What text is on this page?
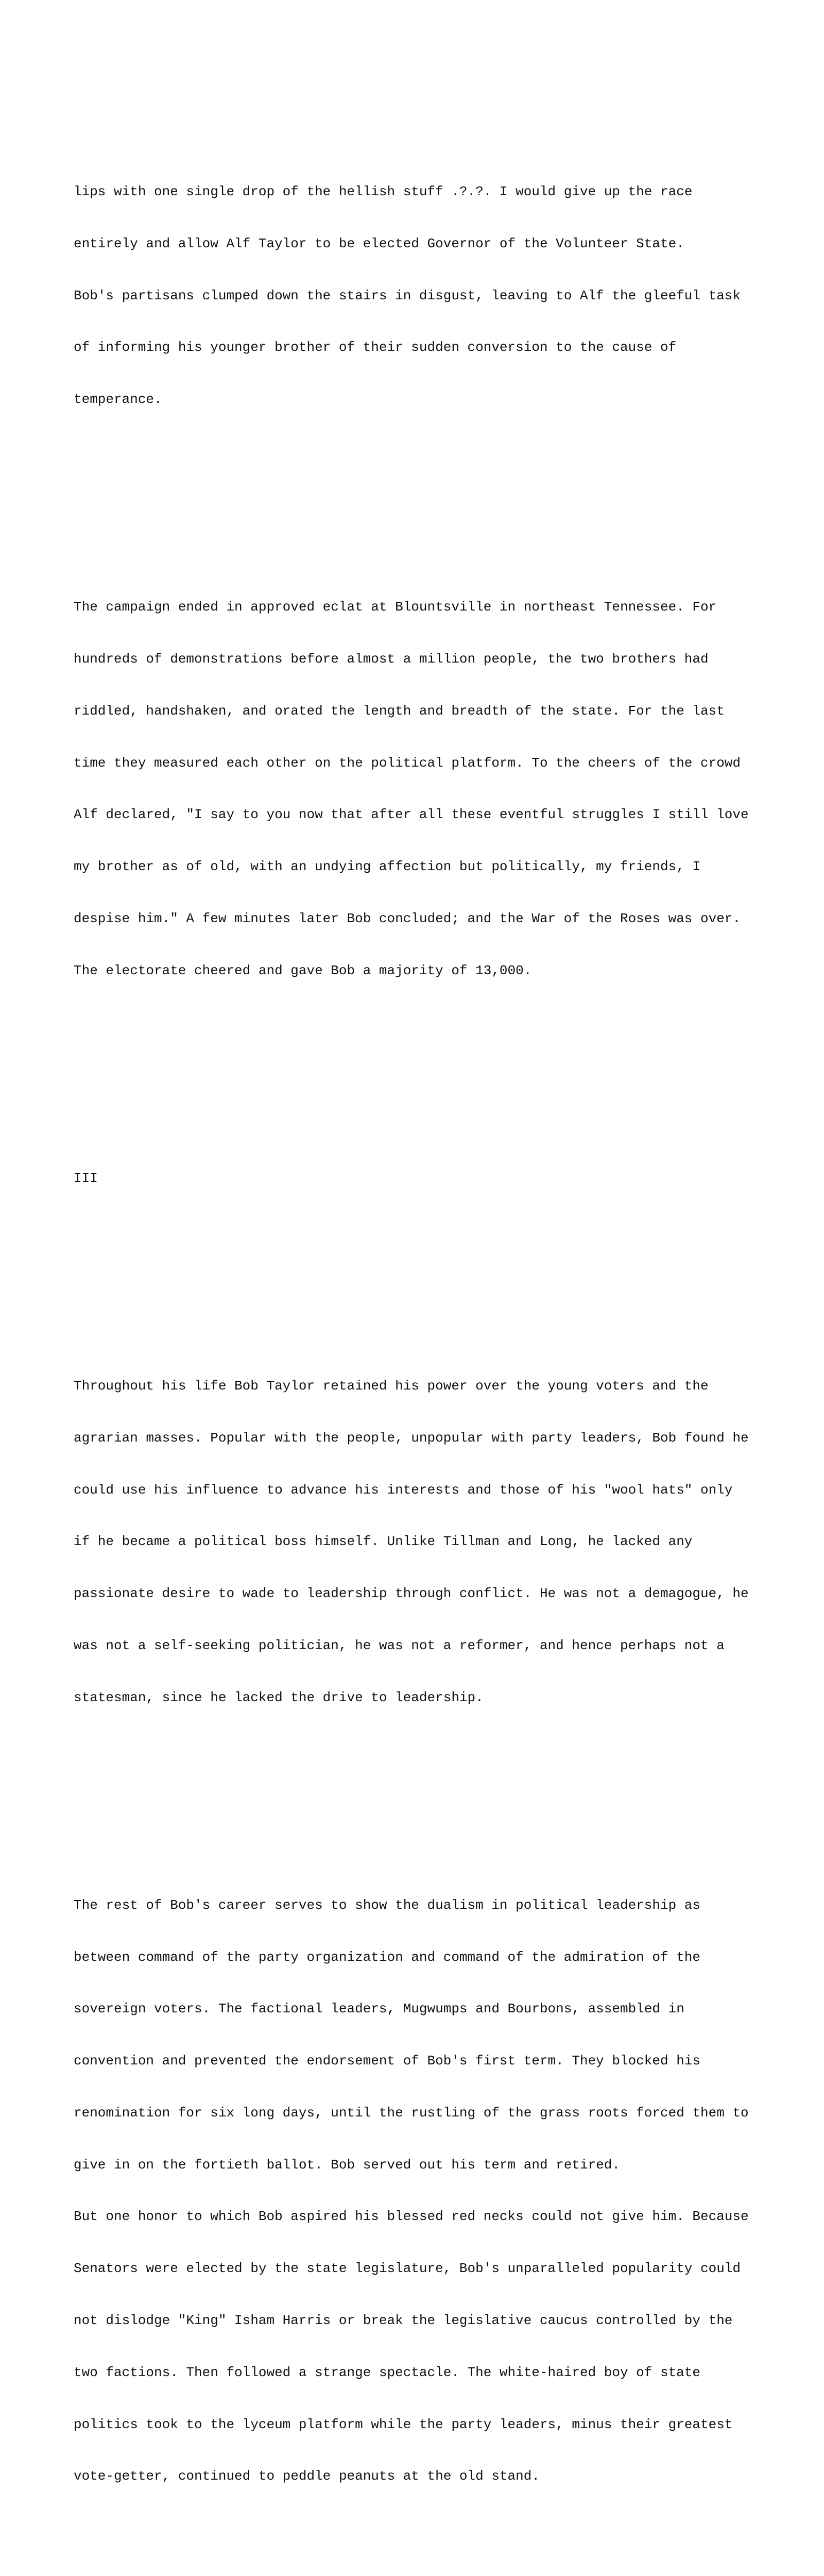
lips with one single drop of the hellish stuff .?.?. I would give up the race

entirely and allow Alf Taylor to be elected Governor of the Volunteer State.

Bob's partisans clumped down the stairs in disgust, leaving to Alf the gleeful task

of informing his younger brother of their sudden conversion to the cause of

temperance.

The campaign ended in approved eclat at Blountsville in northeast Tennessee. For

hundreds of demonstrations before almost a million people, the two brothers had

riddled, handshaken, and orated the length and breadth of the state. For the last

time they measured each other on the political platform. To the cheers of the crowd

Alf declared, "I say to you now that after all these eventful struggles I still love

my brother as of old, with an undying affection but politically, my friends, I

despise him." A few minutes later Bob concluded; and the War of the Roses was over.

The electorate cheered and gave Bob a majority of 13,000.

III

Throughout his life Bob Taylor retained his power over the young voters and the

agrarian masses. Popular with the people, unpopular with party leaders, Bob found he

could use his influence to advance his interests and those of his "wool hats" only

if he became a political boss himself. Unlike Tillman and Long, he lacked any

passionate desire to wade to leadership through conflict. He was not a demagogue, he

was not a self-seeking politician, he was not a reformer, and hence perhaps not a

statesman, since he lacked the drive to leadership.

The rest of Bob's career serves to show the dualism in political leadership as

between command of the party organization and command of the admiration of the

sovereign voters. The factional leaders, Mugwumps and Bourbons, assembled in

convention and prevented the endorsement of Bob's first term. They blocked his

renomination for six long days, until the rustling of the grass roots forced them to

give in on the fortieth ballot. Bob served out his term and retired.

But one honor to which Bob aspired his blessed red necks could not give him. Because

Senators were elected by the state legislature, Bob's unparalleled popularity could

not dislodge "King" Isham Harris or break the legislative caucus controlled by the

two factions. Then followed a strange spectacle. The white-haired boy of state

politics took to the lyceum platform while the party leaders, minus their greatest

vote-getter, continued to peddle peanuts at the old stand.
